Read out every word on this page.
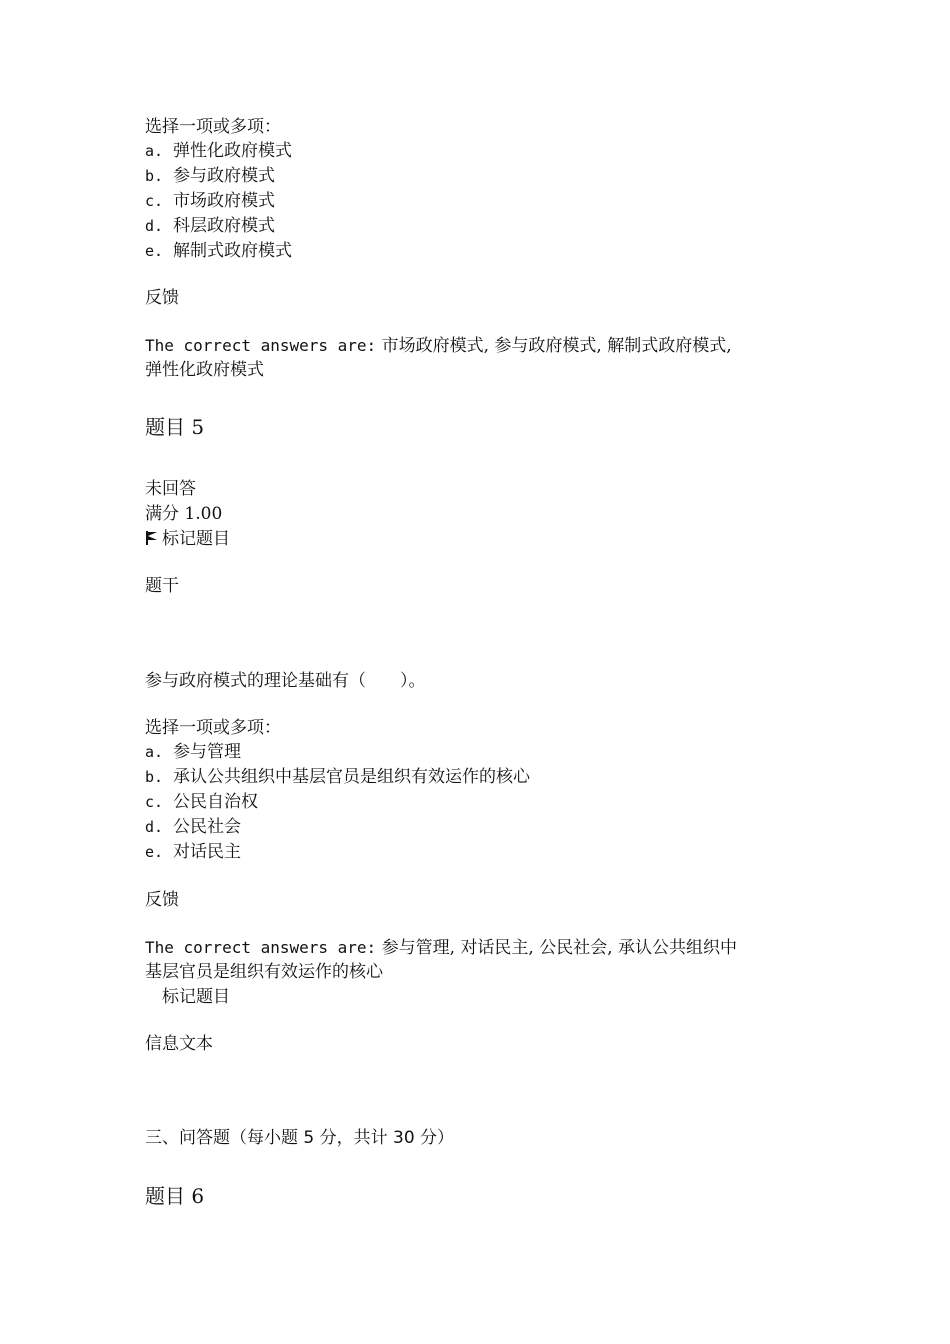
选择一项或多项：
a. 弹性化政府模式
b. 参与政府模式
c. 市场政府模式
d. 科层政府模式
e. 解制式政府模式
反馈
The correct answers are: 市场政府模式, 参与政府模式, 解制式政府模式,
弹性化政府模式
题目 5
未回答
满分 1.00
标记题目
题干
参与政府模式的理论基础有（　　）。
选择一项或多项：
a. 参与管理
b. 承认公共组织中基层官员是组织有效运作的核心
c. 公民自治权
d. 公民社会
e. 对话民主
反馈
The correct answers are: 参与管理, 对话民主, 公民社会, 承认公共组织中
基层官员是组织有效运作的核心
标记题目
信息文本
三、问答题（每小题 5 分，共计 30 分）
题目 6
